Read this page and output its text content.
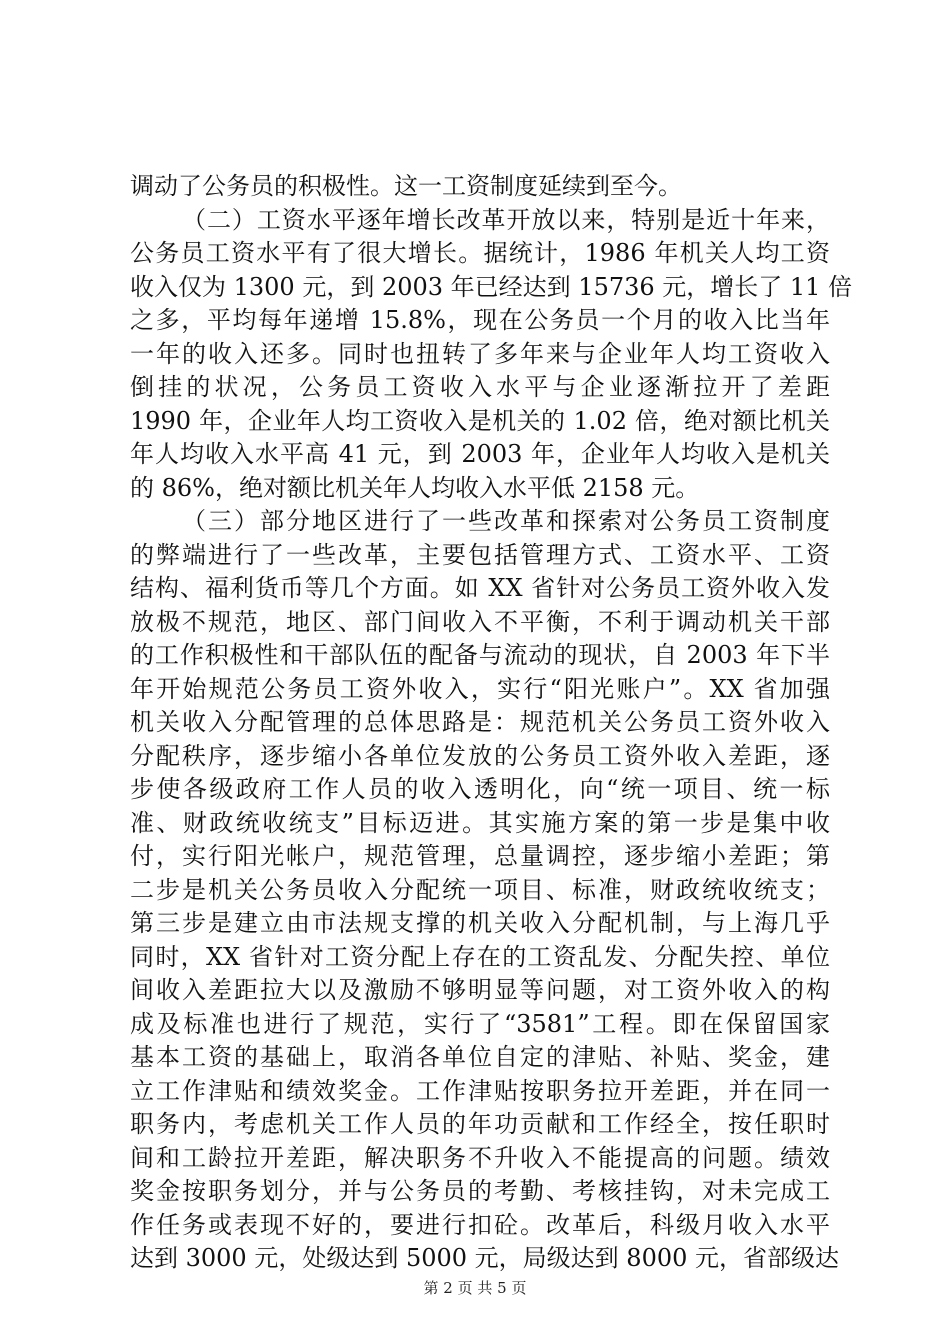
调动了公务员的积极性。这一工资制度延续到至今。
（二）工资水平逐年增长改革开放以来，特别是近十年来，
公务员工资水平有了很大增长。据统计，1986 年机关人均工资
收入仅为 1300 元，到 2003 年已经达到 15736 元，增长了 11 倍
之多，平均每年递增 15.8%，现在公务员一个月的收入比当年
一年的收入还多。同时也扭转了多年来与企业年人均工资收入
倒挂的状况，公务员工资收入水平与企业逐渐拉开了差距
1990 年，企业年人均工资收入是机关的 1.02 倍，绝对额比机关
年人均收入水平高 41 元，到 2003 年，企业年人均收入是机关
的 86%，绝对额比机关年人均收入水平低 2158 元。
（三）部分地区进行了一些改革和探索对公务员工资制度
的弊端进行了一些改革，主要包括管理方式、工资水平、工资
结构、福利货币等几个方面。如 XX 省针对公务员工资外收入发
放极不规范，地区、部门间收入不平衡，不利于调动机关干部
的工作积极性和干部队伍的配备与流动的现状，自 2003 年下半
年开始规范公务员工资外收入，实行“阳光账户”。XX 省加强
机关收入分配管理的总体思路是：规范机关公务员工资外收入
分配秩序，逐步缩小各单位发放的公务员工资外收入差距，逐
步使各级政府工作人员的收入透明化，向“统一项目、统一标
准、财政统收统支”目标迈进。其实施方案的第一步是集中收
付，实行阳光帐户，规范管理，总量调控，逐步缩小差距；第
二步是机关公务员收入分配统一项目、标准，财政统收统支；
第三步是建立由市法规支撑的机关收入分配机制，与上海几乎
同时，XX 省针对工资分配上存在的工资乱发、分配失控、单位
间收入差距拉大以及激励不够明显等问题，对工资外收入的构
成及标准也进行了规范，实行了“3581”工程。即在保留国家
基本工资的基础上，取消各单位自定的津贴、补贴、奖金，建
立工作津贴和绩效奖金。工作津贴按职务拉开差距，并在同一
职务内，考虑机关工作人员的年功贡献和工作经全，按任职时
间和工龄拉开差距，解决职务不升收入不能提高的问题。绩效
奖金按职务划分，并与公务员的考勤、考核挂钩，对未完成工
作任务或表现不好的，要进行扣砼。改革后，科级月收入水平
达到 3000 元，处级达到 5000 元，局级达到 8000 元，省部级达
第 2 页 共 5 页
